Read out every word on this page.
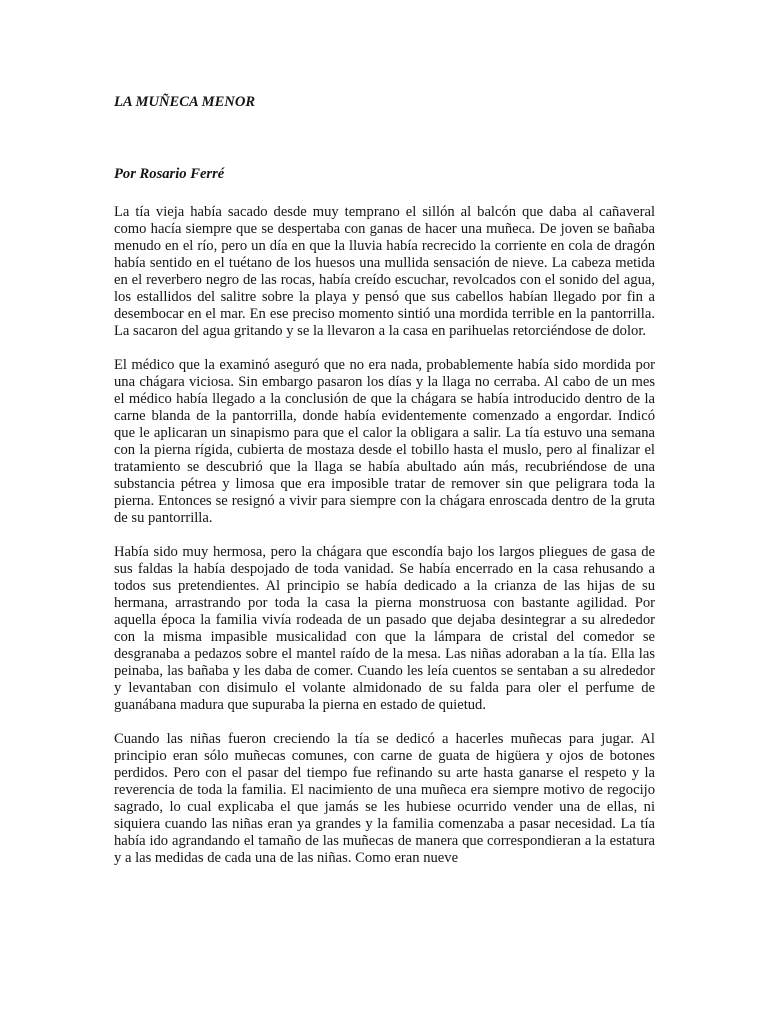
LA MUÑECA MENOR

Por Rosario Ferré

La tía vieja había sacado desde muy temprano el sillón al balcón que daba al cañaveral como hacía siempre que se despertaba con ganas de hacer una muñeca. De joven se bañaba menudo en el río, pero un día en que la lluvia había recrecido la corriente en cola de dragón había sentido en el tuétano de los huesos una mullida sensación de nieve. La cabeza metida en el reverbero negro de las rocas, había creído escuchar, revolcados con el sonido del agua, los estallidos del salitre sobre la playa y pensó que sus cabellos habían llegado por fin a desembocar en el mar. En ese preciso momento sintió una mordida terrible en la pantorrilla. La sacaron del agua gritando y se la llevaron a la casa en parihuelas retorciéndose de dolor.

El médico que la examinó aseguró que no era nada, probablemente había sido mordida por una chágara viciosa. Sin embargo pasaron los días y la llaga no cerraba. Al cabo de un mes el médico había llegado a la conclusión de que la chágara se había introducido dentro de la carne blanda de la pantorrilla, donde había evidentemente comenzado a engordar. Indicó que le aplicaran un sinapismo para que el calor la obligara a salir. La tía estuvo una semana con la pierna rígida, cubierta de mostaza desde el tobillo hasta el muslo, pero al finalizar el tratamiento se descubrió que la llaga se había abultado aún más, recubriéndose de una substancia pétrea y limosa que era imposible tratar de remover sin que peligrara toda la pierna. Entonces se resignó a vivir para siempre con la chágara enroscada dentro de la gruta de su pantorrilla.

Había sido muy hermosa, pero la chágara que escondía bajo los largos pliegues de gasa de sus faldas la había despojado de toda vanidad. Se había encerrado en la casa rehusando a todos sus pretendientes. Al principio se había dedicado a la crianza de las hijas de su hermana, arrastrando por toda la casa la pierna monstruosa con bastante agilidad. Por aquella época la familia vivía rodeada de un pasado que dejaba desintegrar a su alrededor con la misma impasible musicalidad con que la lámpara de cristal del comedor se desgranaba a pedazos sobre el mantel raído de la mesa. Las niñas adoraban a la tía. Ella las peinaba, las bañaba y les daba de comer. Cuando les leía cuentos se sentaban a su alrededor y levantaban con disimulo el volante almidonado de su falda para oler el perfume de guanábana madura que supuraba la pierna en estado de quietud.

Cuando las niñas fueron creciendo la tía se dedicó a hacerles muñecas para jugar. Al principio eran sólo muñecas comunes, con carne de guata de higüera y ojos de botones perdidos. Pero con el pasar del tiempo fue refinando su arte hasta ganarse el respeto y la reverencia de toda la familia. El nacimiento de una muñeca era siempre motivo de regocijo sagrado, lo cual explicaba el que jamás se les hubiese ocurrido vender una de ellas, ni siquiera cuando las niñas eran ya grandes y la familia comenzaba a pasar necesidad. La tía había ido agrandando el tamaño de las muñecas de manera que correspondieran a la estatura y a las medidas de cada una de las niñas. Como eran nueve
